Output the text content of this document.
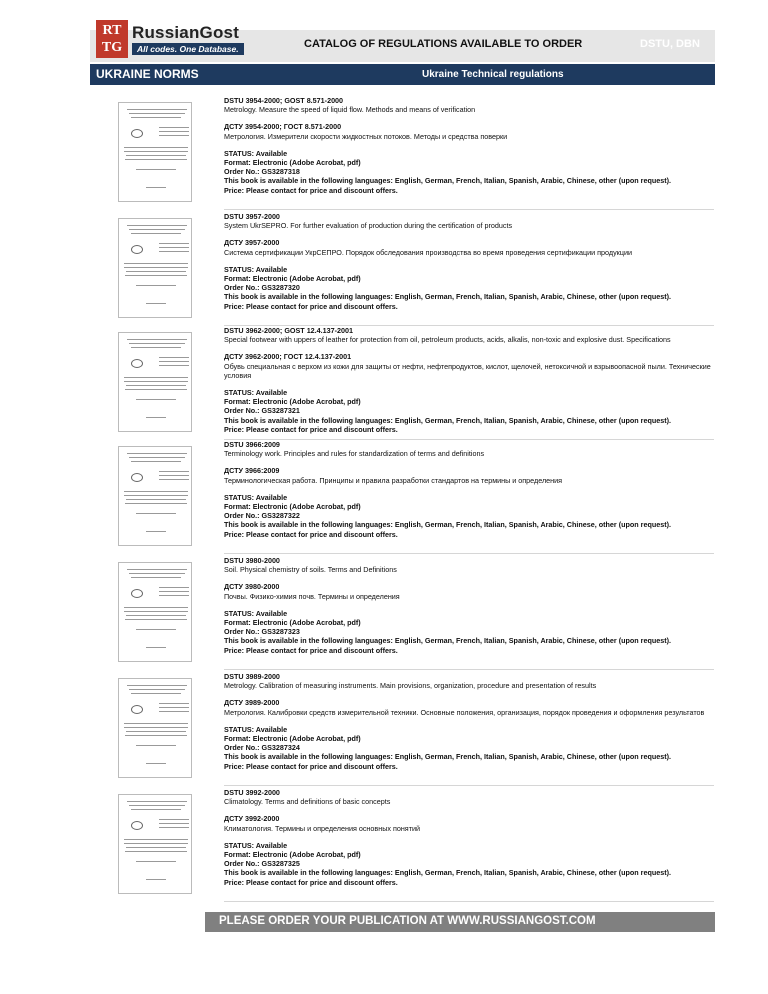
RT
TG
RussianGost
All codes. One Database.	CATALOG OF REGULATIONS AVAILABLE TO ORDER	DSTU, DBN
UKRAINE NORMS	Ukraine Technical regulations
DSTU 3954-2000; GOST 8.571-2000
Metrology. Measure the speed of liquid flow. Methods and means of verification
ДСТУ 3954-2000; ГОСТ 8.571-2000
Метрология. Измерители скорости жидкостных потоков. Методы и средства поверки
STATUS: Available
Format: Electronic (Adobe Acrobat, pdf)
Order No.: GS3287318
This book is available in the following languages: English, German, French, Italian, Spanish, Arabic, Chinese, other (upon request).
Price: Please contact for price and discount offers.
DSTU 3957-2000
System UkrSEPRO. For further evaluation of production during the certification of products
ДСТУ 3957-2000
Система сертификации УкрСЕПРО. Порядок обследования производства во время проведения сертификации продукции
STATUS: Available
Format: Electronic (Adobe Acrobat, pdf)
Order No.: GS3287320
This book is available in the following languages: English, German, French, Italian, Spanish, Arabic, Chinese, other (upon request).
Price: Please contact for price and discount offers.
DSTU 3962-2000; GOST 12.4.137-2001
Special footwear with uppers of leather for protection from oil, petroleum products, acids, alkalis, non-toxic and explosive dust. Specifications
ДСТУ 3962-2000; ГОСТ 12.4.137-2001
Обувь специальная с верхом из кожи для защиты от нефти, нефтепродуктов, кислот, щелочей, нетоксичной и взрывоопасной пыли. Технические условия
STATUS: Available
Format: Electronic (Adobe Acrobat, pdf)
Order No.: GS3287321
This book is available in the following languages: English, German, French, Italian, Spanish, Arabic, Chinese, other (upon request).
Price: Please contact for price and discount offers.
DSTU 3966:2009
Terminology work. Principles and rules for standardization of terms and definitions
ДСТУ 3966:2009
Терминологическая работа. Принципы и правила разработки стандартов на термины и определения
STATUS: Available
Format: Electronic (Adobe Acrobat, pdf)
Order No.: GS3287322
This book is available in the following languages: English, German, French, Italian, Spanish, Arabic, Chinese, other (upon request).
Price: Please contact for price and discount offers.
DSTU 3980-2000
Soil. Physical chemistry of soils. Terms and Definitions
ДСТУ 3980-2000
Почвы. Физико-химия почв. Термины и определения
STATUS: Available
Format: Electronic (Adobe Acrobat, pdf)
Order No.: GS3287323
This book is available in the following languages: English, German, French, Italian, Spanish, Arabic, Chinese, other (upon request).
Price: Please contact for price and discount offers.
DSTU 3989-2000
Metrology. Calibration of measuring instruments. Main provisions, organization, procedure and presentation of results
ДСТУ 3989-2000
Метрология. Калибровки средств измерительной техники. Основные положения, организация, порядок проведения и оформления результатов
STATUS: Available
Format: Electronic (Adobe Acrobat, pdf)
Order No.: GS3287324
This book is available in the following languages: English, German, French, Italian, Spanish, Arabic, Chinese, other (upon request).
Price: Please contact for price and discount offers.
DSTU 3992-2000
Climatology. Terms and definitions of basic concepts
ДСТУ 3992-2000
Климатология. Термины и определения основных понятий
STATUS: Available
Format: Electronic (Adobe Acrobat, pdf)
Order No.: GS3287325
This book is available in the following languages: English, German, French, Italian, Spanish, Arabic, Chinese, other (upon request).
Price: Please contact for price and discount offers.
PLEASE ORDER YOUR PUBLICATION AT WWW.RUSSIANGOST.COM
